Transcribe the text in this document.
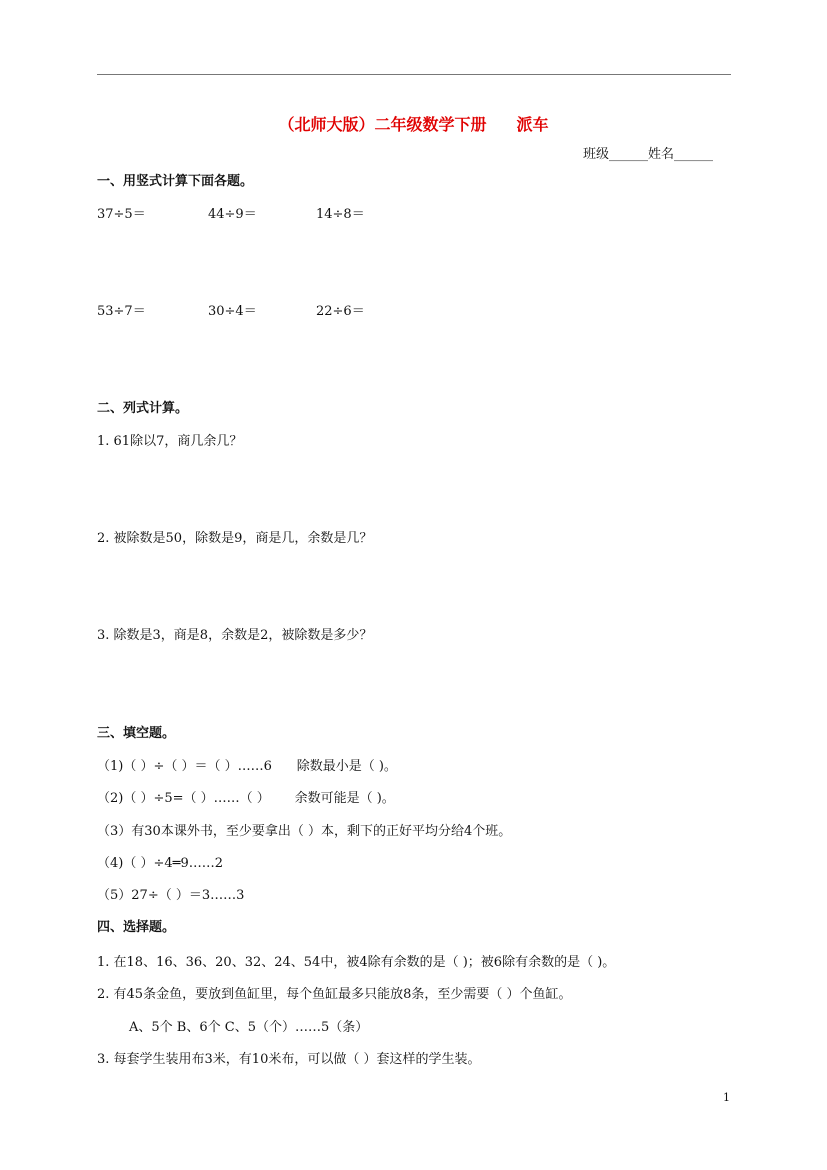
（北师大版）二年级数学下册 派车
班级______姓名______
一、用竖式计算下面各题。
37÷5＝	44÷9＝	14÷8＝
53÷7＝	30÷4＝	22÷6＝
二、列式计算。
1. 61除以7，商几余几？
2. 被除数是50，除数是9，商是几，余数是几？
3. 除数是3，商是8，余数是2，被除数是多少？
三、填空题。
（1)（ ）÷（ ）＝（ ）……6      除数最小是（ )。
（2)（ ）÷5=（ ）……（ ）      余数可能是（ )。
（3）有30本课外书，至少要拿出（ ）本，剩下的正好平均分给4个班。
（4)（ ）÷4═9……2
（5）27÷（ ）＝3……3
四、选择题。
1. 在18、16、36、20、32、24、54中，被4除有余数的是（ )；被6除有余数的是（ )。
2. 有45条金鱼，要放到鱼缸里，每个鱼缸最多只能放8条，至少需要（ ）个鱼缸。
A、5个 B、6个 C、5（个）……5（条）
3. 每套学生装用布3米，有10米布，可以做（ ）套这样的学生装。
1
